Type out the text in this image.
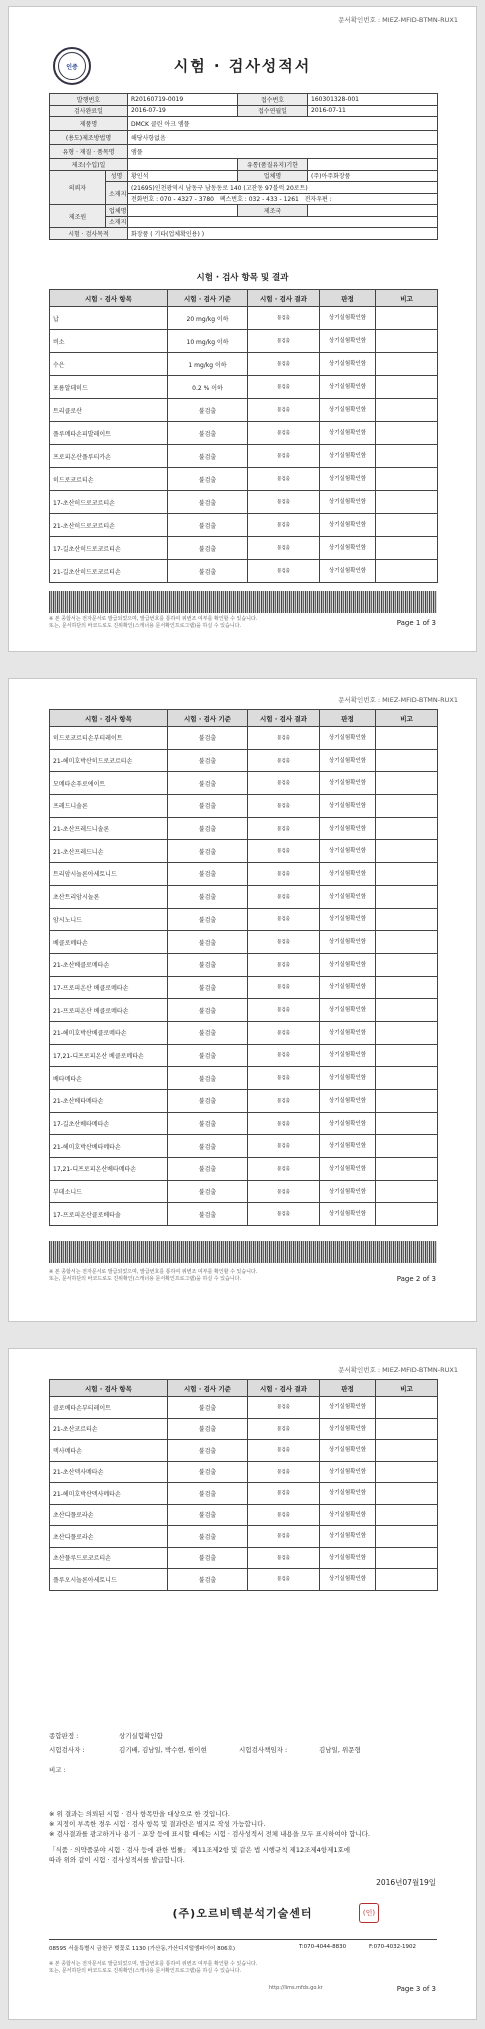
문서확인번호 : MIEZ-MFID-BTMN-RUX1
인증	시험 · 검사성적서
발행번호		R20160719-0019	접수번호	160301328-001
검사완료일		2016-07-19	접수연월일	2016-07-11
제품명		DMCK 클린 아크 앰플		
(용도)제조방법명		해당사항없음		
유형 · 재질 · 품목명		앰플		
제조(수입)일			유통(품질유지)기한	
의뢰자	성명	황인석	업체명	(주)아주화장품
	소재지	(21695)인천광역시 남동구 남동동로 140 (고잔동 97블럭 20로트)		
		전화번호 : 070 - 4327 - 3780 팩스번호 : 032 - 433 - 1261 전자우편 :		
제조원	업체명		제조국	
	소재지			
시험 · 검사목적		화장품 ( 기타(업체확인용) )		
시험 · 검사 항목 및 결과
시험 · 검사 항목	시험 · 검사 기준	시험 · 검사 결과	판정	비고
납	20 mg/kg 이하	불검출	상기실험확인함	
비소	10 mg/kg 이하	불검출	상기실험확인함	
수은	1 mg/kg 이하	불검출	상기실험확인함	
포름알데히드	0.2 % 이하	불검출	상기실험확인함	
트리클로산	불검출	불검출	상기실험확인함	
플루메타손피발레이트	불검출	불검출	상기실험확인함	
프로피온산플루티카손	불검출	불검출	상기실험확인함	
히드로코르티손	불검출	불검출	상기실험확인함	
17-초산히드로코르티손	불검출	불검출	상기실험확인함	
21-초산히드로코르티손	불검출	불검출	상기실험확인함	
17-길초산히드로코르티손	불검출	불검출	상기실험확인함	
21-길초산히드로코르티손	불검출	불검출	상기실험확인함	
※ 본 종합서는 전자문서로 발급되었으며, 발급번호를 통하여 위변조 여부를 확인할 수 있습니다.
또는, 문서하단의 바코드로도 진위확인(스캐너용 문서확인프로그램)을 하실 수 있습니다.	Page 1 of 3
문서확인번호 : MIEZ-MFID-BTMN-RUX1
시험 · 검사 항목	시험 · 검사 기준	시험 · 검사 결과	판정	비고
히드로코르티손부티레이트	불검출	불검출	상기실험확인함	
21-헤미호박산히드로코르티손	불검출	불검출	상기실험확인함	
모메타손푸로에이트	불검출	불검출	상기실험확인함	
프레드니솔론	불검출	불검출	상기실험확인함	
21-초산프레드니솔론	불검출	불검출	상기실험확인함	
21-초산프레드니손	불검출	불검출	상기실험확인함	
트리암시놀론아세토니드	불검출	불검출	상기실험확인함	
초산트리암시놀론	불검출	불검출	상기실험확인함	
암시노니드	불검출	불검출	상기실험확인함	
베클로메타손	불검출	불검출	상기실험확인함	
21-초산베클로메타손	불검출	불검출	상기실험확인함	
17-프로피온산 베클로메타손	불검출	불검출	상기실험확인함	
21-프로피온산 베클로메타손	불검출	불검출	상기실험확인함	
21-헤미호박산베클로메타손	불검출	불검출	상기실험확인함	
17,21-디프로피온산 베클로메타손	불검출	불검출	상기실험확인함	
베타메타손	불검출	불검출	상기실험확인함	
21-초산베타메타손	불검출	불검출	상기실험확인함	
17-길초산베타메타손	불검출	불검출	상기실험확인함	
21-헤미호박산베타메타손	불검출	불검출	상기실험확인함	
17,21-디프로피온산베타메타손	불검출	불검출	상기실험확인함	
부데소니드	불검출	불검출	상기실험확인함	
17-프로피온산클로베타솔	불검출	불검출	상기실험확인함	
※ 본 종합서는 전자문서로 발급되었으며, 발급번호를 통하여 위변조 여부를 확인할 수 있습니다.
또는, 문서하단의 바코드로도 진위확인(스캐너용 문서확인프로그램)을 하실 수 있습니다.	Page 2 of 3
문서확인번호 : MIEZ-MFID-BTMN-RUX1
시험 · 검사 항목	시험 · 검사 기준	시험 · 검사 결과	판정	비고
클로베타손부티레이트	불검출	불검출	상기실험확인함	
21-초산코르티손	불검출	불검출	상기실험확인함	
덱사메타손	불검출	불검출	상기실험확인함	
21-초산덱사메타손	불검출	불검출	상기실험확인함	
21-헤미호박산덱사메타손	불검출	불검출	상기실험확인함	
초산디플로라손	불검출	불검출	상기실험확인함	
초산디플로라손	불검출	불검출	상기실험확인함	
초산플루드로코르티손	불검출	불검출	상기실험확인함	
플루오시놀론아세토니드	불검출	불검출	상기실험확인함	
종합판정 :	상기실험확인함
시험검사자 :	김기배, 김남일, 박수현, 원이현	시험검사책임자 :	김남일, 위문형
비고 :
※ 위 결과는 의뢰된 시험 · 검사 항목만을 대상으로 한 것입니다.
※ 지정이 부족한 경우 시험 · 검사 항목 및 결과란은 별지로 작성 가능합니다.
※ 검사결과를 광고하거나 용기 · 포장 등에 표시할 때에는 시험 · 검사성적서 전체 내용을 모두 표시하여야 합니다.
「식품 · 의약품분야 시험 · 검사 등에 관한 법률」 제11조제2항 및 같은 법 시행규칙 제12조제4항제1호에
따라 위와 같이 시험 · 검사성적서를 발급합니다.
2016년07월19일
(주)오르비텍분석기술센터	(인)
08595 서울특별시 금천구 벚꽃로 1130 (가산동,가산디지털엠파이어 806호)	T:070-4044-8830	F:070-4032-1902
※ 본 종합서는 전자문서로 발급되었으며, 발급번호를 통하여 위변조 여부를 확인할 수 있습니다.
또는, 문서하단의 바코드로도 진위확인(스캐너용 문서확인프로그램)을 하실 수 있습니다.
http://lims.mfds.go.kr	Page 3 of 3
